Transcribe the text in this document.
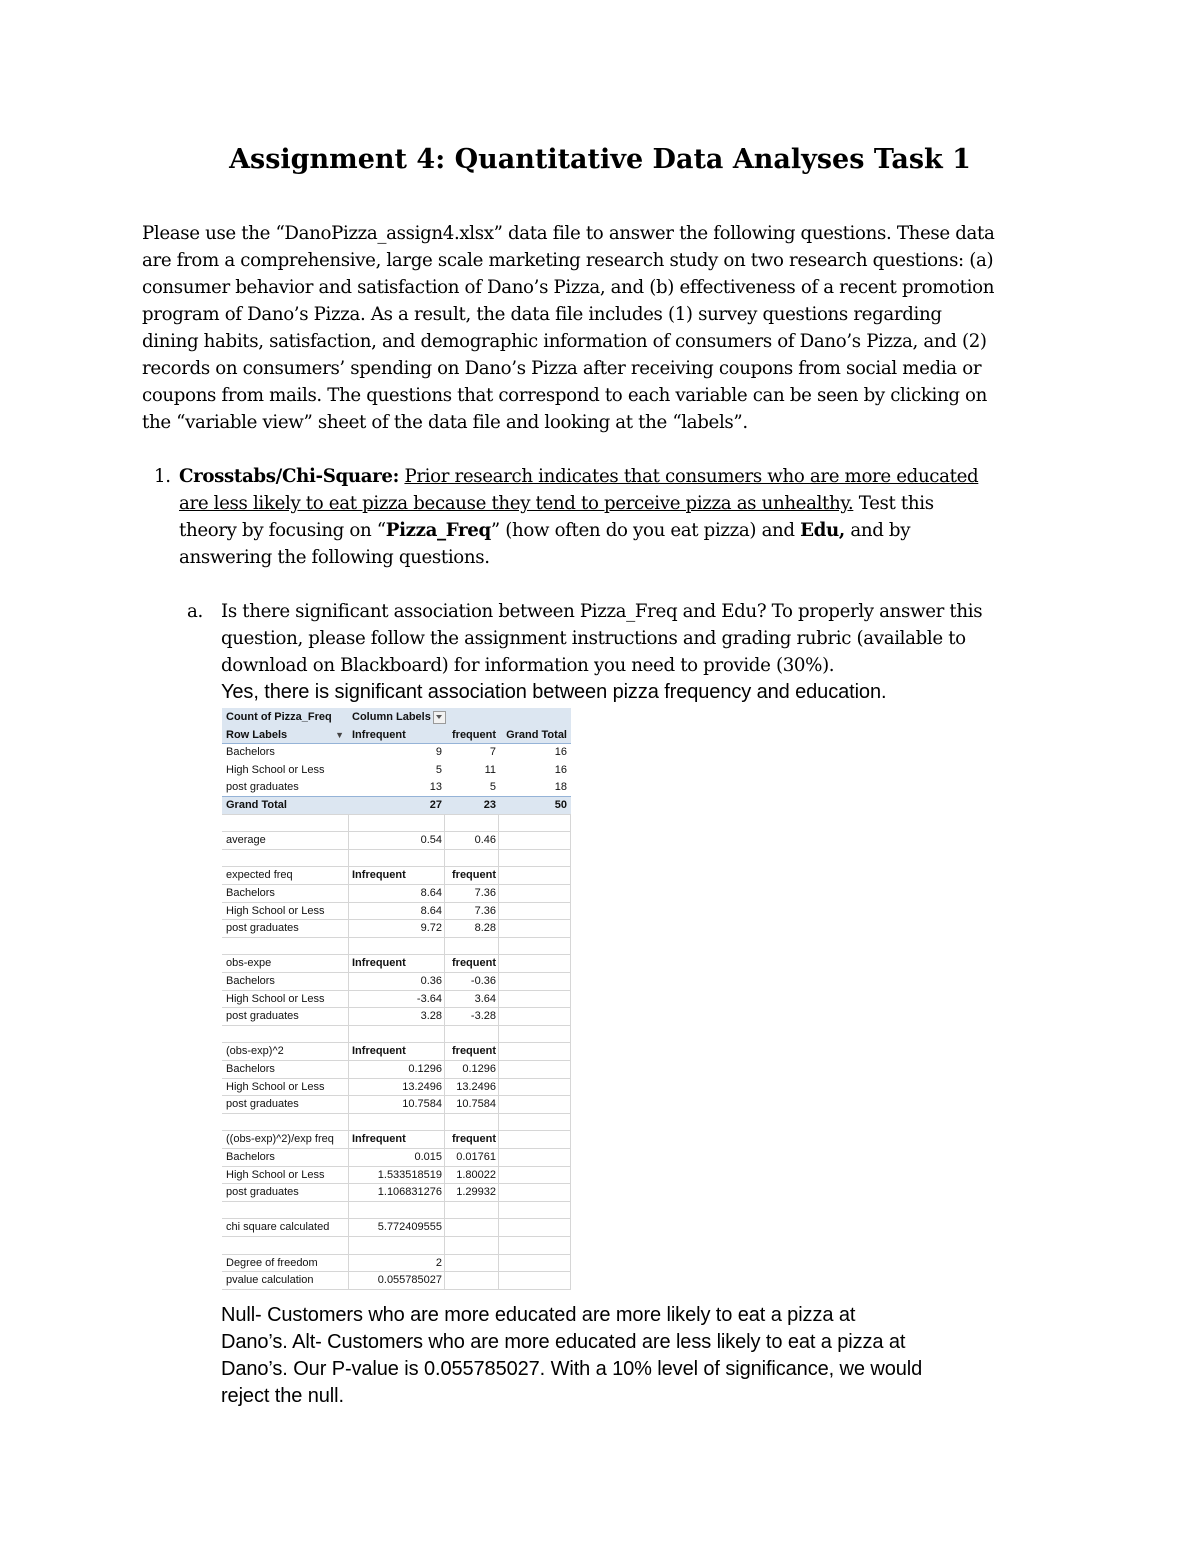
Assignment 4: Quantitative Data Analyses Task 1
Please use the “DanoPizza_assign4.xlsx” data file to answer the following questions. These data
are from a comprehensive, large scale marketing research study on two research questions: (a)
consumer behavior and satisfaction of Dano’s Pizza, and (b) effectiveness of a recent promotion
program of Dano’s Pizza. As a result, the data file includes (1) survey questions regarding
dining habits, satisfaction, and demographic information of consumers of Dano’s Pizza, and (2)
records on consumers’ spending on Dano’s Pizza after receiving coupons from social media or
coupons from mails. The questions that correspond to each variable can be seen by clicking on
the “variable view” sheet of the data file and looking at the “labels”.
1. Crosstabs/Chi-Square: Prior research indicates that consumers who are more educated
are less likely to eat pizza because they tend to perceive pizza as unhealthy. Test this
theory by focusing on “Pizza_Freq” (how often do you eat pizza) and Edu, and by
answering the following questions.
a. Is there significant association between Pizza_Freq and Edu? To properly answer this
question, please follow the assignment instructions and grading rubric (available to
download on Blackboard) for information you need to provide (30%).
Yes, there is significant association between pizza frequency and education.
Count of Pizza_Freq	Column Labels
Row Labels	▼ Infrequent	frequent Grand Total
Bachelors	9	7	16
High School or Less	5	11	16
post graduates	13	5	18
Grand Total	27	23	50
average	0.54	0.46
expected freq	Infrequent	frequent
Bachelors	8.64	7.36
High School or Less	8.64	7.36
post graduates	9.72	8.28
obs-expe	Infrequent	frequent
Bachelors	0.36	-0.36
High School or Less	-3.64	3.64
post graduates	3.28	-3.28
(obs-exp)^2	Infrequent	frequent
Bachelors	0.1296	0.1296
High School or Less	13.2496	13.2496
post graduates	10.7584	10.7584
((obs-exp)^2)/exp freq	Infrequent	frequent
Bachelors	0.015	0.01761
High School or Less	1.533518519	1.80022
post graduates	1.106831276	1.29932
chi square calculated	5.772409555
Degree of freedom	2
pvalue calculation	0.055785027
Null- Customers who are more educated are more likely to eat a pizza at
Dano’s. Alt- Customers who are more educated are less likely to eat a pizza at
Dano’s. Our P-value is 0.055785027. With a 10% level of significance, we would
reject the null.
